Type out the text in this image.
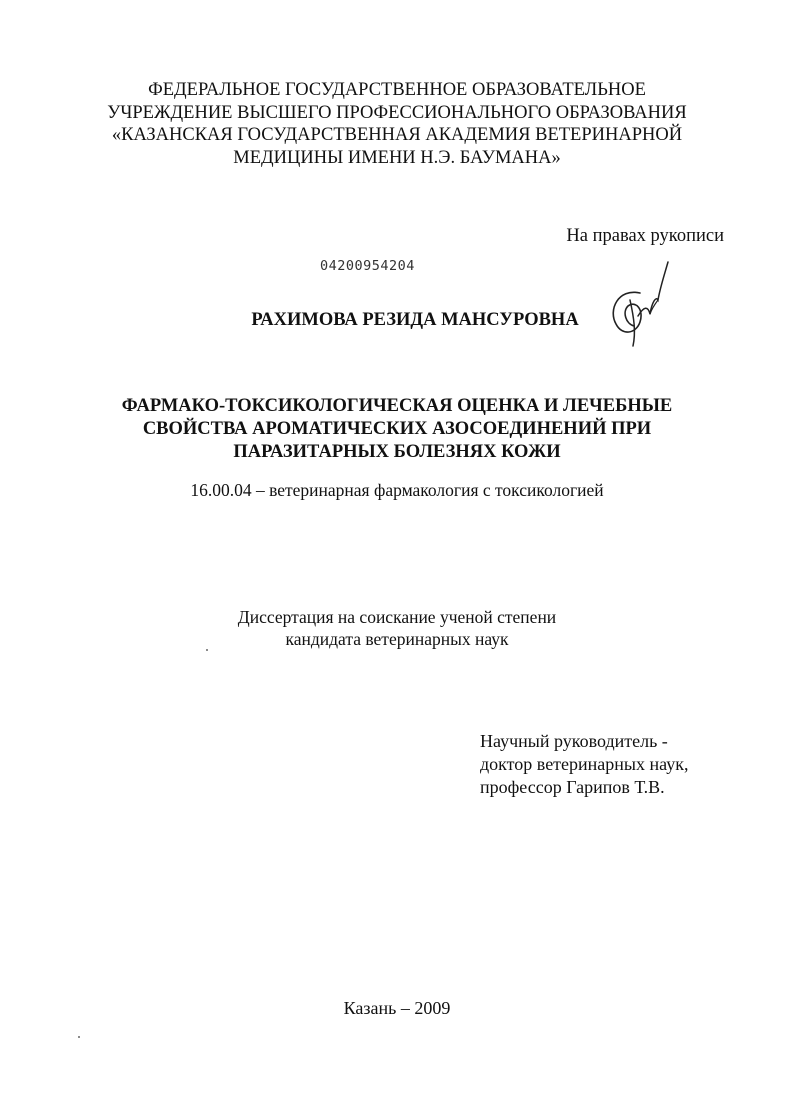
ФЕДЕРАЛЬНОЕ ГОСУДАРСТВЕННОЕ ОБРАЗОВАТЕЛЬНОЕ
УЧРЕЖДЕНИЕ ВЫСШЕГО ПРОФЕССИОНАЛЬНОГО ОБРАЗОВАНИЯ
«КАЗАНСКАЯ ГОСУДАРСТВЕННАЯ АКАДЕМИЯ ВЕТЕРИНАРНОЙ
МЕДИЦИНЫ ИМЕНИ Н.Э. БАУМАНА»
На правах рукописи
04200954204
РАХИМОВА РЕЗИДА МАНСУРОВНА
ФАРМАКО-ТОКСИКОЛОГИЧЕСКАЯ ОЦЕНКА И ЛЕЧЕБНЫЕ
СВОЙСТВА АРОМАТИЧЕСКИХ АЗОСОЕДИНЕНИЙ ПРИ
ПАРАЗИТАРНЫХ БОЛЕЗНЯХ КОЖИ
16.00.04 – ветеринарная фармакология с токсикологией
Диссертация на соискание ученой степени
кандидата ветеринарных наук
Научный руководитель -
доктор ветеринарных наук,
профессор Гарипов Т.В.
Казань – 2009
